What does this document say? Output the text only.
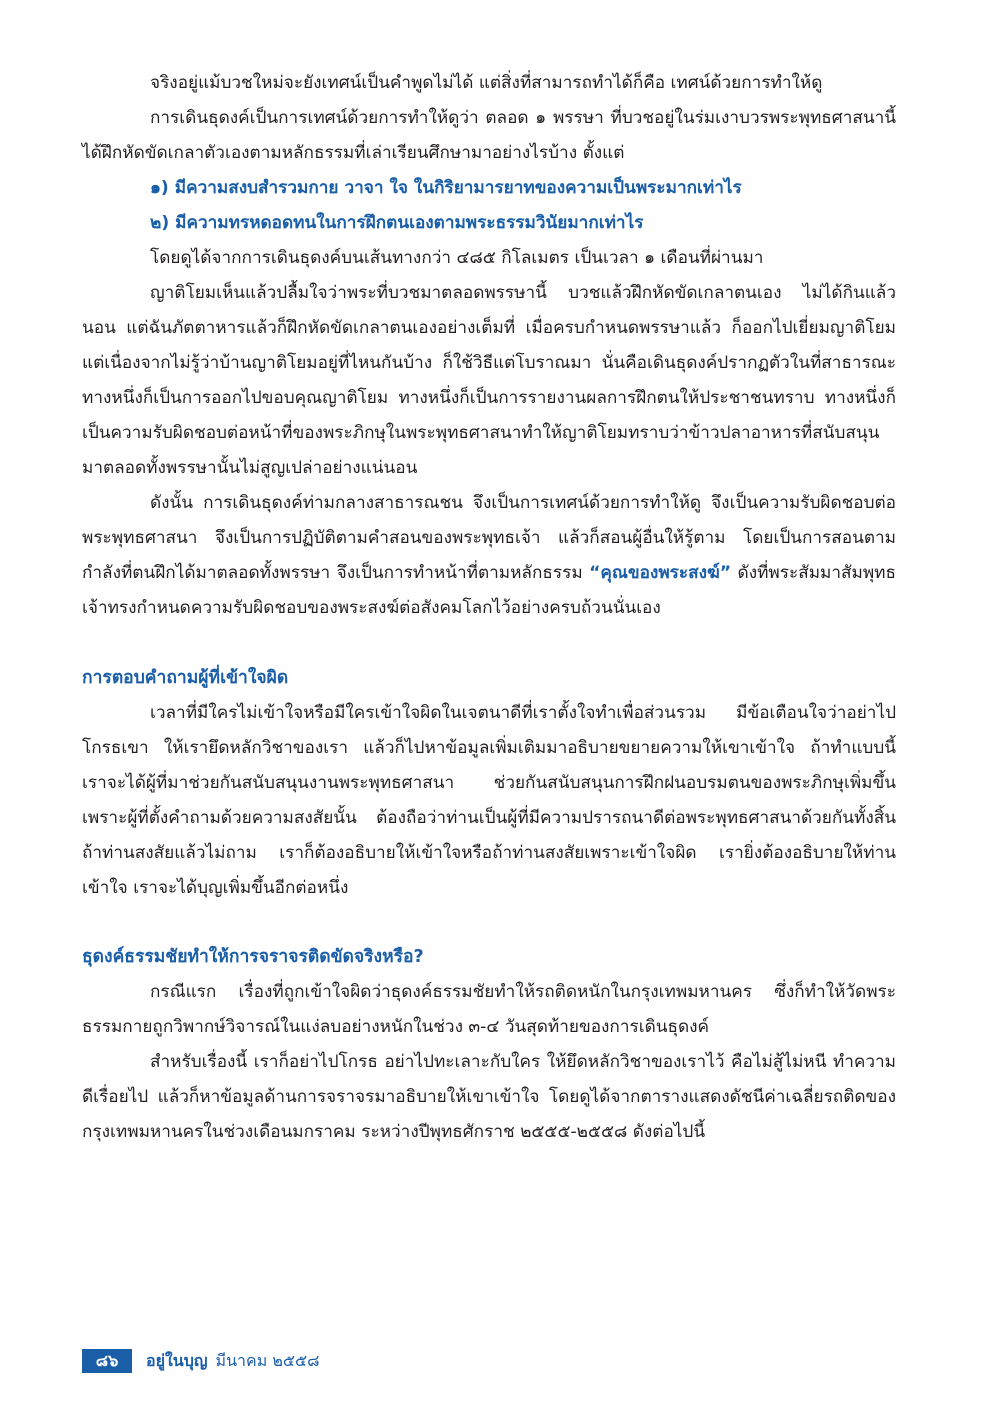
จริงอยู่แม้บวชใหม่จะยังเทศน์เป็นคำพูดไม่ได้ แต่สิ่งที่สามารถทำได้ก็คือ เทศน์ด้วยการทำให้ดู

การเดินธุดงค์เป็นการเทศน์ด้วยการทำให้ดูว่า ตลอด ๑ พรรษา ที่บวชอยู่ในร่มเงาบวรพระพุทธศาสนานี้ ได้ฝึกหัดขัดเกลาตัวเองตามหลักธรรมที่เล่าเรียนศึกษามาอย่างไรบ้าง ตั้งแต่

๑) มีความสงบสำรวมกาย วาจา ใจ ในกิริยามารยาทของความเป็นพระมากเท่าไร

๒) มีความทรหดอดทนในการฝึกตนเองตามพระธรรมวินัยมากเท่าไร

โดยดูได้จากการเดินธุดงค์บนเส้นทางกว่า ๔๘๕ กิโลเมตร เป็นเวลา ๑ เดือนที่ผ่านมา

ญาติโยมเห็นแล้วปลื้มใจว่าพระที่บวชมาตลอดพรรษานี้ บวชแล้วฝึกหัดขัดเกลาตนเอง ไม่ได้กินแล้วนอน แต่ฉันภัตตาหารแล้วก็ฝึกหัดขัดเกลาตนเองอย่างเต็มที่ เมื่อครบกำหนดพรรษาแล้ว ก็ออกไปเยี่ยมญาติโยม แต่เนื่องจากไม่รู้ว่าบ้านญาติโยมอยู่ที่ไหนกันบ้าง ก็ใช้วิธีแต่โบราณมา นั่นคือเดินธุดงค์ปรากฏตัวในที่สาธารณะ ทางหนึ่งก็เป็นการออกไปขอบคุณญาติโยม ทางหนึ่งก็เป็นการรายงานผลการฝึกตนให้ประชาชนทราบ ทางหนึ่งก็เป็นความรับผิดชอบต่อหน้าที่ของพระภิกษุในพระพุทธศาสนาทำให้ญาติโยมทราบว่าข้าวปลาอาหารที่สนับสนุนมาตลอดทั้งพรรษานั้นไม่สูญเปล่าอย่างแน่นอน

ดังนั้น การเดินธุดงค์ท่ามกลางสาธารณชน จึงเป็นการเทศน์ด้วยการทำให้ดู จึงเป็นความรับผิดชอบต่อพระพุทธศาสนา จึงเป็นการปฏิบัติตามคำสอนของพระพุทธเจ้า แล้วก็สอนผู้อื่นให้รู้ตาม โดยเป็นการสอนตามกำลังที่ตนฝึกได้มาตลอดทั้งพรรษา จึงเป็นการทำหน้าที่ตามหลักธรรม “คุณของพระสงฆ์” ดังที่พระสัมมาสัมพุทธเจ้าทรงกำหนดความรับผิดชอบของพระสงฆ์ต่อสังคมโลกไว้อย่างครบถ้วนนั่นเอง

การตอบคำถามผู้ที่เข้าใจผิด

เวลาที่มีใครไม่เข้าใจหรือมีใครเข้าใจผิดในเจตนาดีที่เราตั้งใจทำเพื่อส่วนรวม มีข้อเตือนใจว่าอย่าไปโกรธเขา ให้เรายึดหลักวิชาของเรา แล้วก็ไปหาข้อมูลเพิ่มเติมมาอธิบายขยายความให้เขาเข้าใจ ถ้าทำแบบนี้ เราจะได้ผู้ที่มาช่วยกันสนับสนุนงานพระพุทธศาสนา ช่วยกันสนับสนุนการฝึกฝนอบรมตนของพระภิกษุเพิ่มขึ้น เพราะผู้ที่ตั้งคำถามด้วยความสงสัยนั้น ต้องถือว่าท่านเป็นผู้ที่มีความปรารถนาดีต่อพระพุทธศาสนาด้วยกันทั้งสิ้น ถ้าท่านสงสัยแล้วไม่ถาม เราก็ต้องอธิบายให้เข้าใจหรือถ้าท่านสงสัยเพราะเข้าใจผิด เรายิ่งต้องอธิบายให้ท่านเข้าใจ เราจะได้บุญเพิ่มขึ้นอีกต่อหนึ่ง

ธุดงค์ธรรมชัยทำให้การจราจรติดขัดจริงหรือ?

กรณีแรก เรื่องที่ถูกเข้าใจผิดว่าธุดงค์ธรรมชัยทำให้รถติดหนักในกรุงเทพมหานคร ซึ่งก็ทำให้วัดพระธรรมกายถูกวิพากษ์วิจารณ์ในแง่ลบอย่างหนักในช่วง ๓-๔ วันสุดท้ายของการเดินธุดงค์

สำหรับเรื่องนี้ เราก็อย่าไปโกรธ อย่าไปทะเลาะกับใคร ให้ยึดหลักวิชาของเราไว้ คือไม่สู้ไม่หนี ทำความดีเรื่อยไป แล้วก็หาข้อมูลด้านการจราจรมาอธิบายให้เขาเข้าใจ โดยดูได้จากตารางแสดงดัชนีค่าเฉลี่ยรถติดของกรุงเทพมหานครในช่วงเดือนมกราคม ระหว่างปีพุทธศักราช ๒๕๕๕-๒๕๕๘ ดังต่อไปนี้

๘๖	อยู่ในบุญ มีนาคม ๒๕๕๘
